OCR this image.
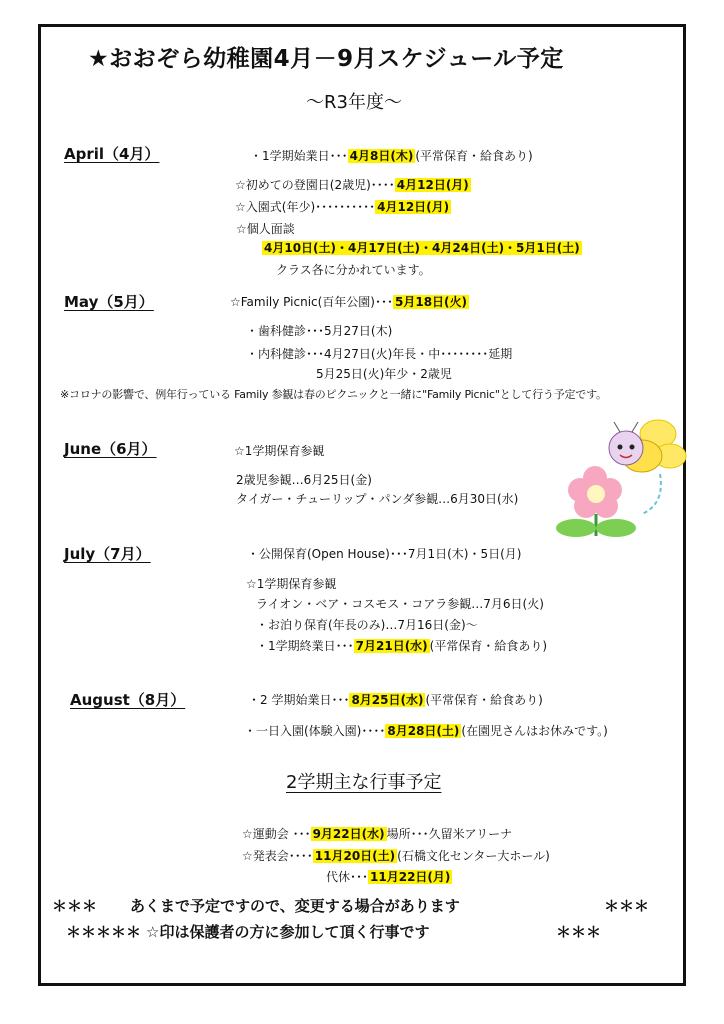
★おおぞら幼稚園4月－9月スケジュール予定
～R3年度～
April（4月）	・1学期始業日･･･ 4月8日(木) (平常保育・給食あり)
☆初めての登園日(2歳児)････ 4月12日(月)
☆入園式(年少)･･････････ 4月12日(月)
☆個人面談
4月10日(土)・4月17日(土)・4月24日(土)・5月1日(土)
クラス各に分かれています。
May（5月）	☆Family Picnic(百年公園)･･･ 5月18日(火)
・歯科健診･･･5月27日(木)
・内科健診･･･4月27日(火)年長・中････････延期
5月25日(火)年少・2歳児
※コロナの影響で、例年行っている Family 参観は春のピクニックと一緒に"Family Picnic"として行う予定です。
June（6月）	☆1学期保育参観
2歳児参観…6月25日(金)
タイガー・チューリップ・パンダ参観…6月30日(水)
July（7月）	・公開保育(Open House)･･･7月1日(木)・5日(月)
☆1学期保育参観
ライオン・ベア・コスモス・コアラ参観…7月6日(火)
・お泊り保育(年長のみ)…7月16日(金)～
・1学期終業日･･･ 7月21日(水) (平常保育・給食あり)
August（8月）	・2 学期始業日･･･ 8月25日(水) (平常保育・給食あり)
・一日入園(体験入園)････ 8月28日(土) (在園児さんはお休みです。)
2学期主な行事予定
☆運動会 ･･･ 9月22日(水) 場所･･･久留米アリーナ
☆発表会････ 11月20日(土) (石橋文化センター大ホール)
代休･･･ 11月22日(月)
＊＊＊ あくまで予定ですので、変更する場合があります	＊＊＊
＊＊＊＊＊ ☆印は保護者の方に参加して頂く行事です	＊＊＊
